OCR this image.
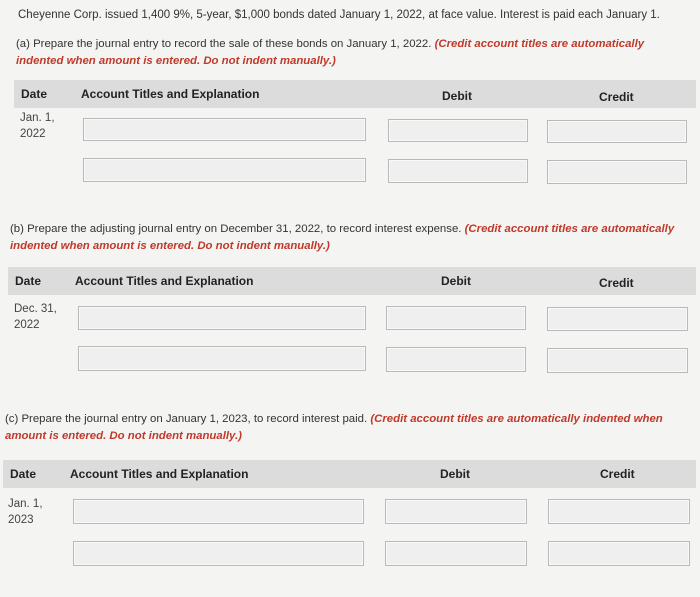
Cheyenne Corp. issued 1,400 9%, 5-year, $1,000 bonds dated January 1, 2022, at face value. Interest is paid each January 1.
(a) Prepare the journal entry to record the sale of these bonds on January 1, 2022. (Credit account titles are automatically
indented when amount is entered. Do not indent manually.)
Date	Account Titles and Explanation	Debit	Credit
Jan. 1,
2022
(b) Prepare the adjusting journal entry on December 31, 2022, to record interest expense. (Credit account titles are automatically
indented when amount is entered. Do not indent manually.)
Date	Account Titles and Explanation	Debit	Credit
Dec. 31,
2022
(c) Prepare the journal entry on January 1, 2023, to record interest paid. (Credit account titles are automatically indented when
amount is entered. Do not indent manually.)
Date	Account Titles and Explanation	Debit	Credit
Jan. 1,
2023
